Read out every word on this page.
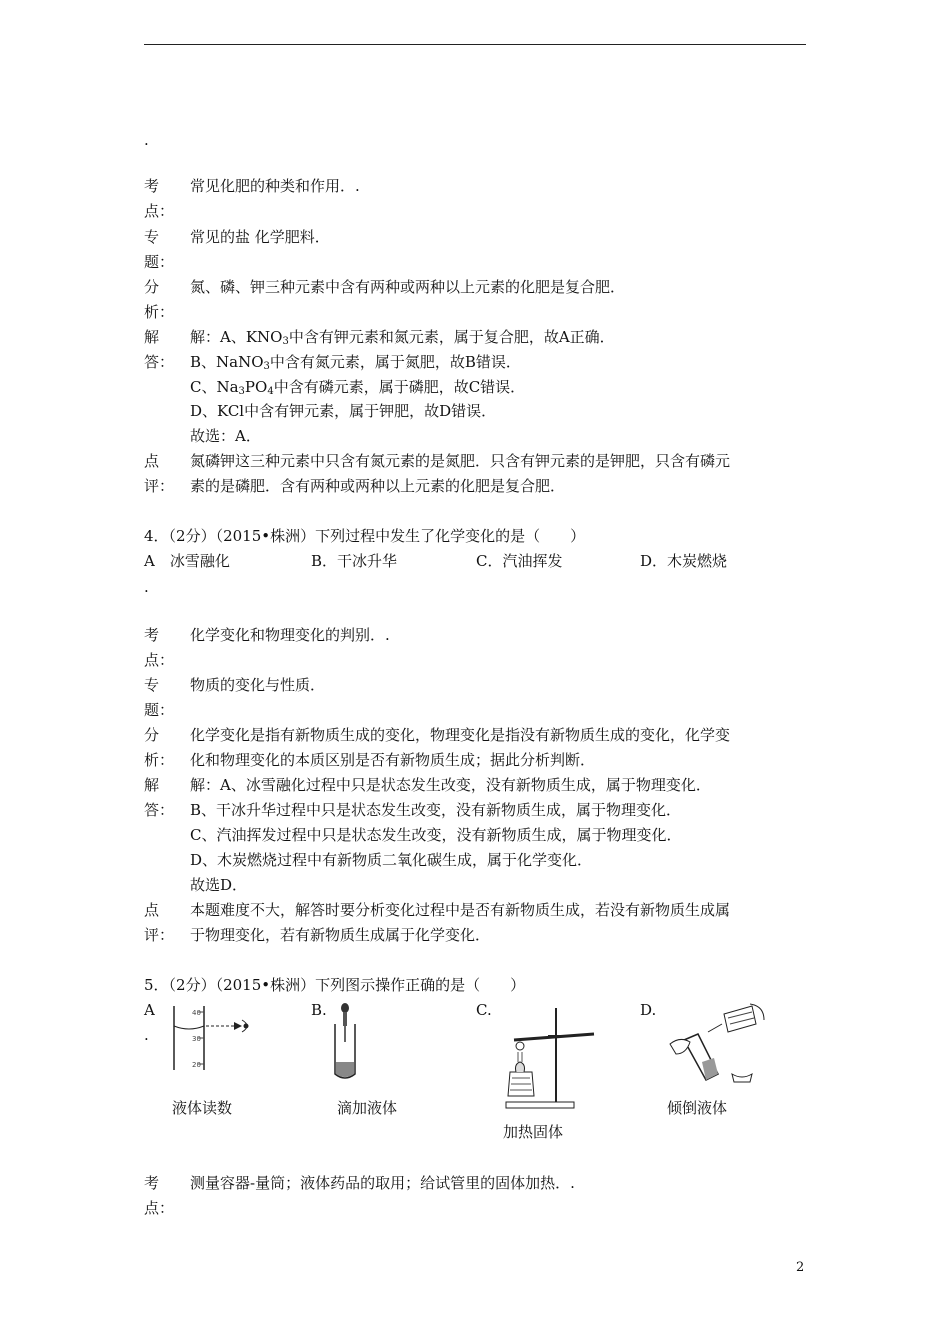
.
考
点：
常见化肥的种类和作用．.
专
题：
常见的盐 化学肥料．
分
析：
氮、磷、钾三种元素中含有两种或两种以上元素的化肥是复合肥．
解
答：
解：A、$KNO_3$中含有钾元素和氮元素，属于复合肥，故A正确．
B、NaNO$_3$中含有氮元素，属于氮肥，故B错误．
C、$Na_3PO_4$中含有磷元素，属于磷肥，故C错误．
D、KCl中含有钾元素，属于钾肥，故D错误．
故选：A．
点
评：
氮磷钾这三种元素中只含有氮元素的是氮肥．只含有钾元素的是钾肥，只含有磷元
素的是磷肥．含有两种或两种以上元素的化肥是复合肥．
4．（2分）（2015•株洲）下列过程中发生了化学变化的是（　　）
A　冰雪融化	B．干冰升华	C．汽油挥发	D．木炭燃烧
.
考
点：
化学变化和物理变化的判别．.
专
题：
物质的变化与性质．
分
析：
化学变化是指有新物质生成的变化，物理变化是指没有新物质生成的变化，化学变
化和物理变化的本质区别是否有新物质生成；据此分析判断．
解
答：
解：A、冰雪融化过程中只是状态发生改变，没有新物质生成，属于物理变化．
B、干冰升华过程中只是状态发生改变，没有新物质生成，属于物理变化．
C、汽油挥发过程中只是状态发生改变，没有新物质生成，属于物理变化．
D、木炭燃烧过程中有新物质二氧化碳生成，属于化学变化．
故选D．
点
评：
本题难度不大，解答时要分析变化过程中是否有新物质生成，若没有新物质生成属
于物理变化，若有新物质生成属于化学变化．
5．（2分）（2015•株洲）下列图示操作正确的是（　　）
A
.
B.	C.	D.
40
30
20
液体读数	滴加液体
加热固体
倾倒液体
考
点：
测量容器-量筒；液体药品的取用；给试管里的固体加热．.
2
